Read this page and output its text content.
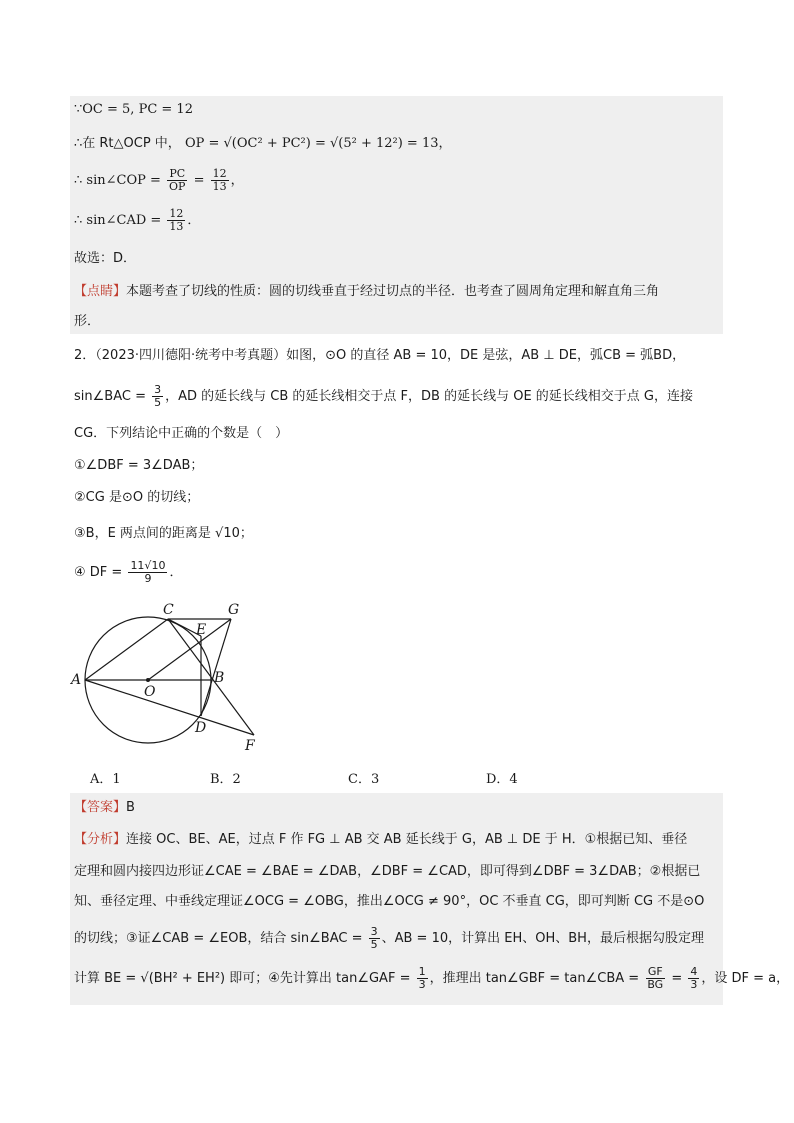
∵OC = 5, PC = 12
∴在 Rt△OCP 中， OP = √(OC² + PC²) = √(5² + 12²) = 13，
∴ sin∠COP = $\frac{PC}{OP} = \frac{12}{13}$ ，
∴ sin∠CAD = $\frac{12}{13}$ ．
故选：D．
【点睛】本题考查了切线的性质：圆的切线垂直于经过切点的半径．也考查了圆周角定理和解直角三角
形．
2．（2023·四川德阳·统考中考真题）如图，⊙O 的直径 AB = 10，DE 是弦，AB ⊥ DE，弧CB = 弧BD，
sin∠BAC = $\frac{3}{5}$ ，AD 的延长线与 CB 的延长线相交于点 F，DB 的延长线与 OE 的延长线相交于点 G，连接
CG．下列结论中正确的个数是（　）
①∠DBF = 3∠DAB；
②CG 是⊙O 的切线；
③B，E 两点间的距离是 √10；
④ DF = $\frac{11√10}{9}$ ．
A
C	G
E
O
B
D
F
A．1	B．2	C．3	D．4
【答案】B
【分析】连接 OC、BE、AE，过点 F 作 FG ⊥ AB 交 AB 延长线于 G，AB ⊥ DE 于 H．①根据已知、垂径
定理和圆内接四边形证∠CAE = ∠BAE = ∠DAB，∠DBF = ∠CAD，即可得到∠DBF = 3∠DAB；②根据已
知、垂径定理、中垂线定理证∠OCG = ∠OBG，推出∠OCG ≠ 90°，OC 不垂直 CG，即可判断 CG 不是⊙O
的切线；③证∠CAB = ∠EOB，结合 sin∠BAC = $\frac{3}{5}$ 、AB = 10，计算出 EH、OH、BH，最后根据勾股定理
计算 BE = √(BH² + EH²) 即可；④先计算出 tan∠GAF = $\frac{1}{3}$ ，推理出 tan∠GBF = tan∠CBA = $\frac{GF}{BG} = \frac{4}{3}$ ，设 DF = a，
